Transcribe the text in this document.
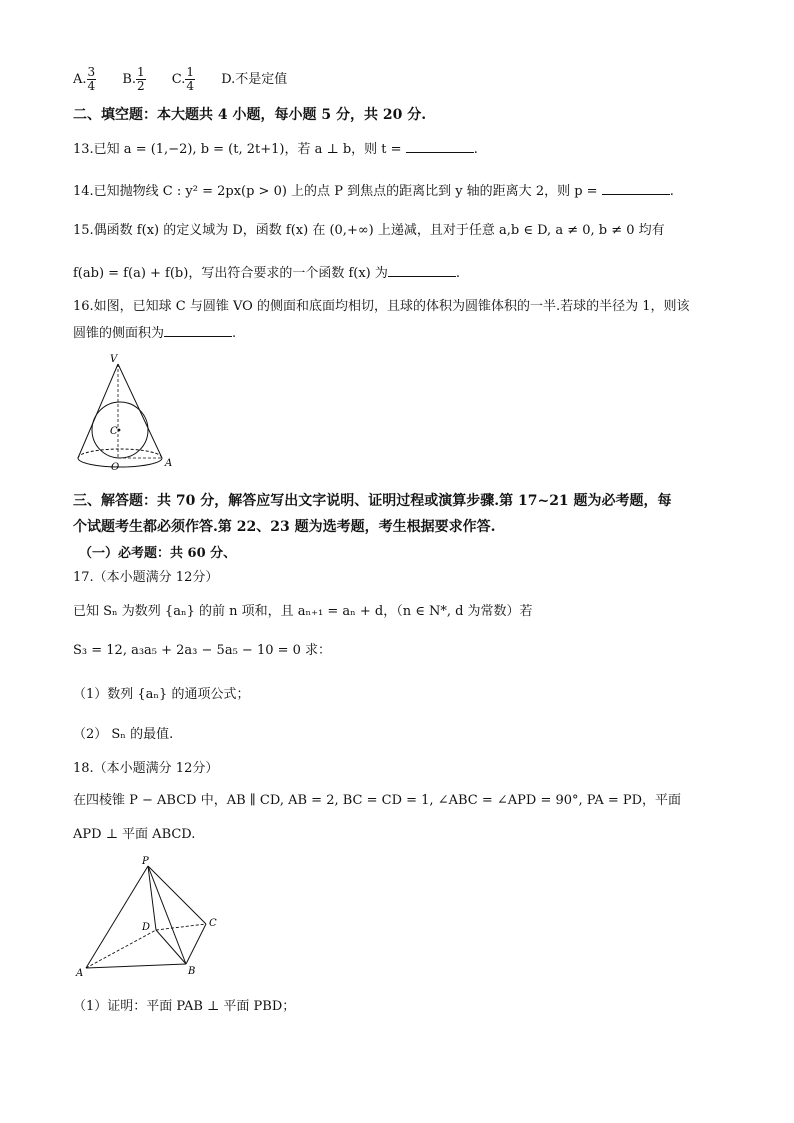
A. $\frac{3}{4} B$. $\frac{1}{2} C$. $\frac{1}{4} D$.不是定值
二、填空题：本大题共 4 小题，每小题 5 分，共 20 分.
13.已知 a = (1,−2), b = (t, 2t+1)，若 a ⊥ b，则 t =	.
14.已知抛物线 C : y² = 2px(p > 0) 上的点 P 到焦点的距离比到 y 轴的距离大 2，则 p =	.
15.偶函数 f(x) 的定义域为 D，函数 f(x) 在 (0,+∞) 上递减，且对于任意 a,b ∈ D, a ≠ 0, b ≠ 0 均有
f(ab) = f(a) + f(b)，写出符合要求的一个函数 f(x) 为	.
16.如图，已知球 C 与圆锥 VO 的侧面和底面均相切，且球的体积为圆锥体积的一半.若球的半径为 1，则该
圆锥的侧面积为	.
V
C
O	A
三、解答题：共 70 分，解答应写出文字说明、证明过程或演算步骤.第 17~21 题为必考题，每
个试题考生都必须作答.第 22、23 题为选考题，考生根据要求作答.
（一）必考题：共 60 分、
17.（本小题满分 12分）
已知 Sₙ 为数列 {aₙ} 的前 n 项和，且 aₙ₊₁ = aₙ + d，（n ∈ N*, d 为常数）若
S₃ = 12, a₃a₅ + 2a₃ − 5a₅ − 10 = 0 求：
（1）数列 {aₙ} 的通项公式；
（2） Sₙ 的最值.
18.（本小题满分 12分）
在四棱锥 P − ABCD 中，AB ∥ CD, AB = 2, BC = CD = 1, ∠ABC = ∠APD = 90°, PA = PD，平面
APD ⊥ 平面 ABCD.
P
D	C
A	B
（1）证明：平面 PAB ⊥ 平面 PBD；
